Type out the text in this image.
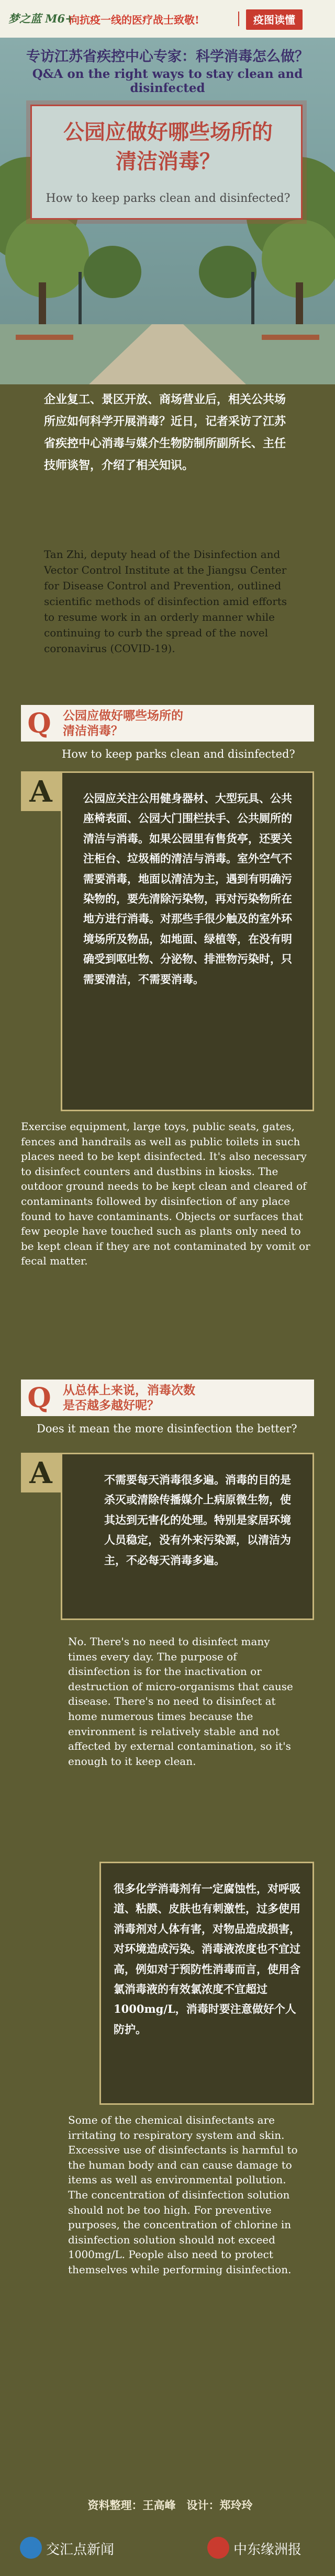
梦之蓝 M6+
向抗疫一线的医疗战士致敬!	疫图读懂
专访江苏省疾控中心专家：科学消毒怎么做？
Q&A on the right ways to stay clean and disinfected
公园应做好哪些场所的
清洁消毒？
How to keep parks clean and disinfected?
企业复工、景区开放、商场营业后，相关公共场所应如何科学开展消毒？近日，记者采访了江苏省疾控中心消毒与媒介生物防制所副所长、主任技师谈智，介绍了相关知识。
Tan Zhi, deputy head of the Disinfection and Vector Control Institute at the Jiangsu Center for Disease Control and Prevention, outlined scientific methods of disinfection amid efforts to resume work in an orderly manner while continuing to curb the spread of the novel coronavirus (COVID-19).
Q 公园应做好哪些场所的
清洁消毒？
How to keep parks clean and disinfected?
A	公园应关注公用健身器材、大型玩具、公共座椅表面、公园大门围栏扶手、公共厕所的清洁与消毒。如果公园里有售货亭，还要关注柜台、垃圾桶的清洁与消毒。室外空气不需要消毒，地面以清洁为主，遇到有明确污染物的，要先清除污染物，再对污染物所在地方进行消毒。对那些手很少触及的室外环境场所及物品，如地面、绿植等，在没有明确受到呕吐物、分泌物、排泄物污染时，只需要清洁，不需要消毒。
Exercise equipment, large toys, public seats, gates, fences and handrails as well as public toilets in such places need to be kept disinfected. It's also necessary to disinfect counters and dustbins in kiosks. The outdoor ground needs to be kept clean and cleared of contaminants followed by disinfection of any place found to have contaminants. Objects or surfaces that few people have touched such as plants only need to be kept clean if they are not contaminated by vomit or fecal matter.
Q 从总体上来说，消毒次数
是否越多越好呢？
Does it mean the more disinfection the better?
A	不需要每天消毒很多遍。消毒的目的是杀灭或清除传播媒介上病原微生物，使其达到无害化的处理。特别是家居环境人员稳定，没有外来污染源，以清洁为主，不必每天消毒多遍。
No. There's no need to disinfect many times every day. The purpose of disinfection is for the inactivation or destruction of micro-organisms that cause disease. There's no need to disinfect at home numerous times because the environment is relatively stable and not affected by external contamination, so it's enough to it keep clean.
很多化学消毒剂有一定腐蚀性，对呼吸道、粘膜、皮肤也有刺激性，过多使用消毒剂对人体有害，对物品造成损害，对环境造成污染。消毒液浓度也不宜过高，例如对于预防性消毒而言，使用含氯消毒液的有效氯浓度不宜超过1000mg/L，消毒时要注意做好个人防护。
Some of the chemical disinfectants are irritating to respiratory system and skin. Excessive use of disinfectants is harmful to the human body and can cause damage to items as well as environmental pollution. The concentration of disinfection solution should not be too high. For preventive purposes, the concentration of chlorine in disinfection solution should not exceed 1000mg/L. People also need to protect themselves while performing disinfection.
资料整理：王高峰　设计：郑玲玲
交汇点新闻	中东缘洲报
